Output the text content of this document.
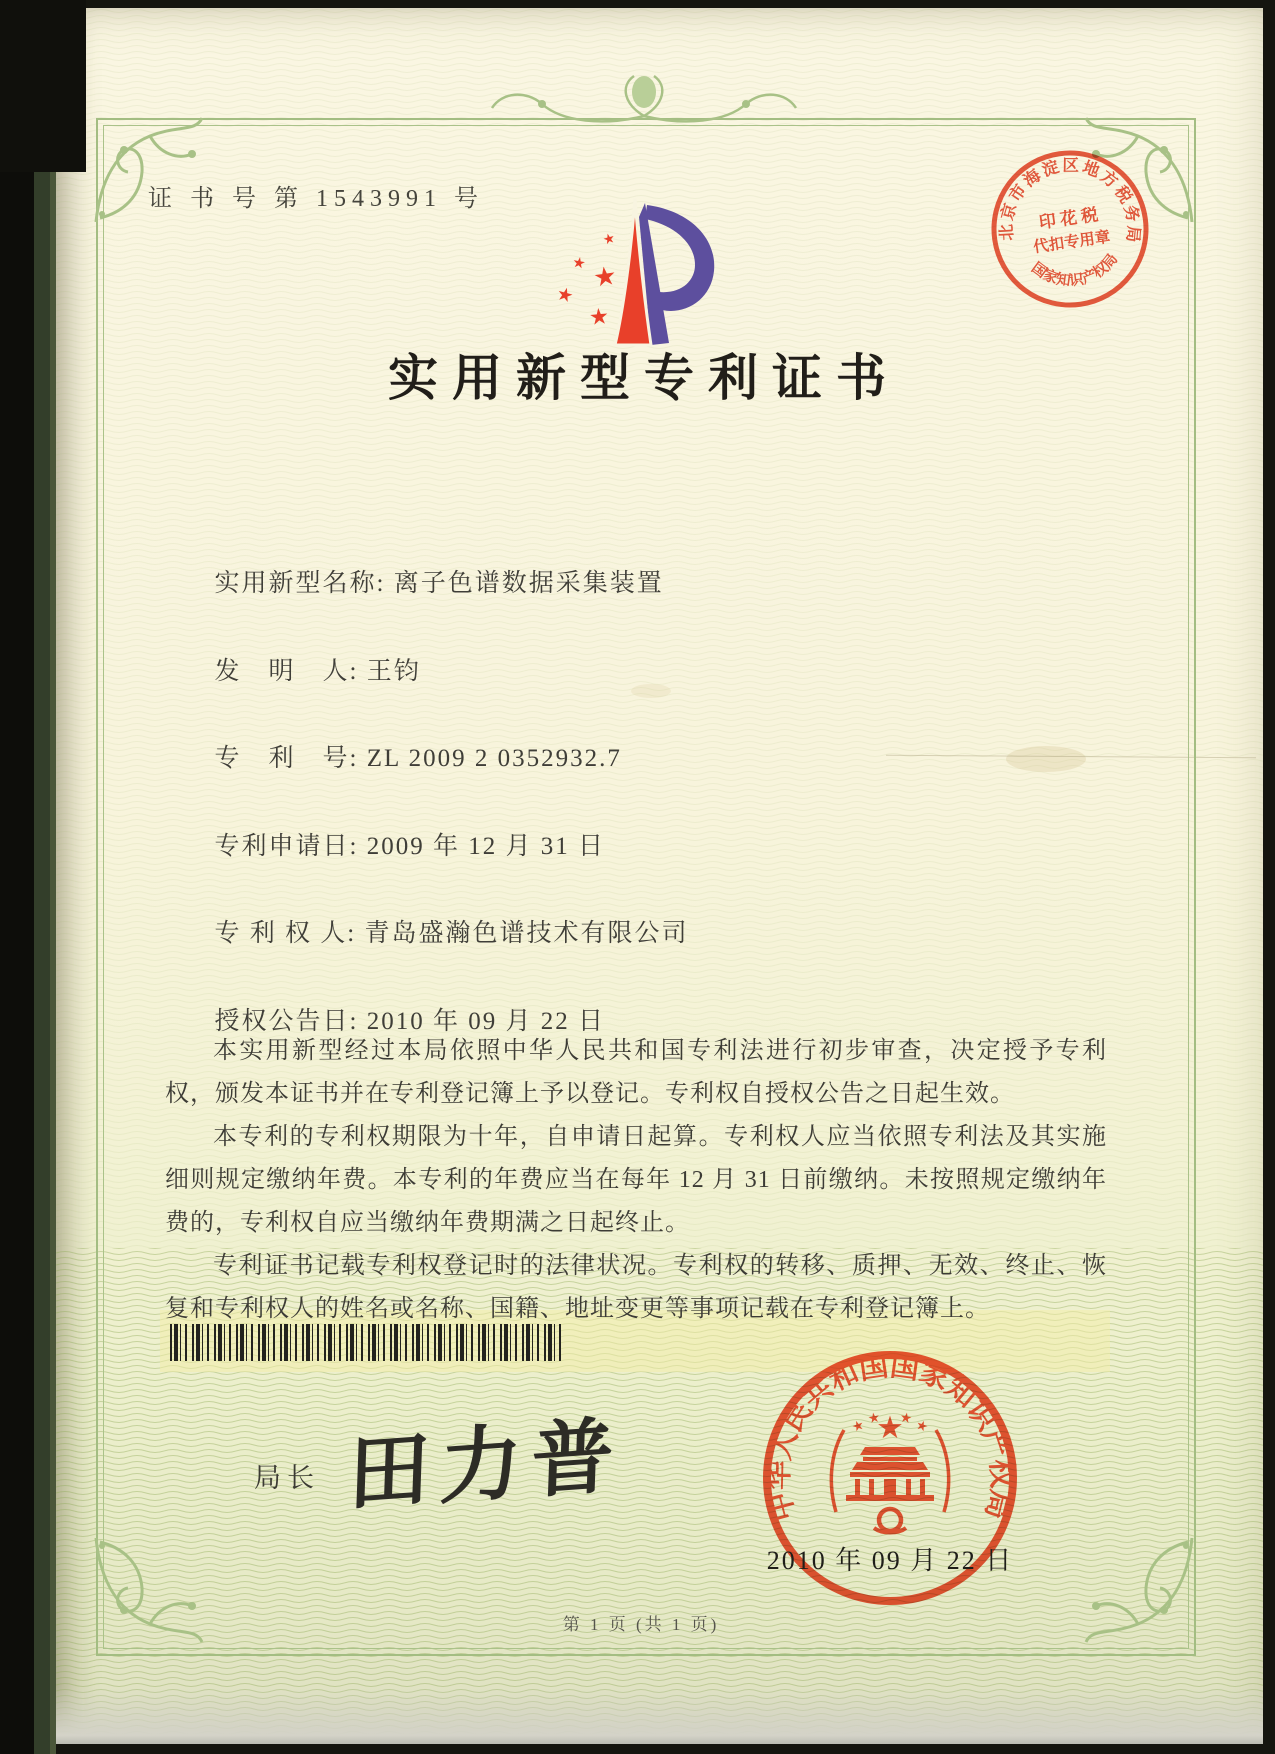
证 书 号 第 1543991 号
北京市海淀区地方税务局
国家知识产权局
印 花 税
代扣专用章
实用新型专利证书

实用新型名称: 离子色谱数据采集装置

发　明　人: 王钧

专　利　号: ZL 2009 2 0352932.7

专利申请日: 2009 年 12 月 31 日

专 利 权 人: 青岛盛瀚色谱技术有限公司

授权公告日: 2010 年 09 月 22 日

本实用新型经过本局依照中华人民共和国专利法进行初步审查，决定授予专利权，颁发本证书并在专利登记簿上予以登记。专利权自授权公告之日起生效。

本专利的专利权期限为十年，自申请日起算。专利权人应当依照专利法及其实施细则规定缴纳年费。本专利的年费应当在每年 12 月 31 日前缴纳。未按照规定缴纳年费的，专利权自应当缴纳年费期满之日起终止。

专利证书记载专利权登记时的法律状况。专利权的转移、质押、无效、终止、恢复和专利权人的姓名或名称、国籍、地址变更等事项记载在专利登记簿上。

局长 田力普	中华人民共和国国家知识产权局
2010 年 09 月 22 日
第 1 页 (共 1 页)
